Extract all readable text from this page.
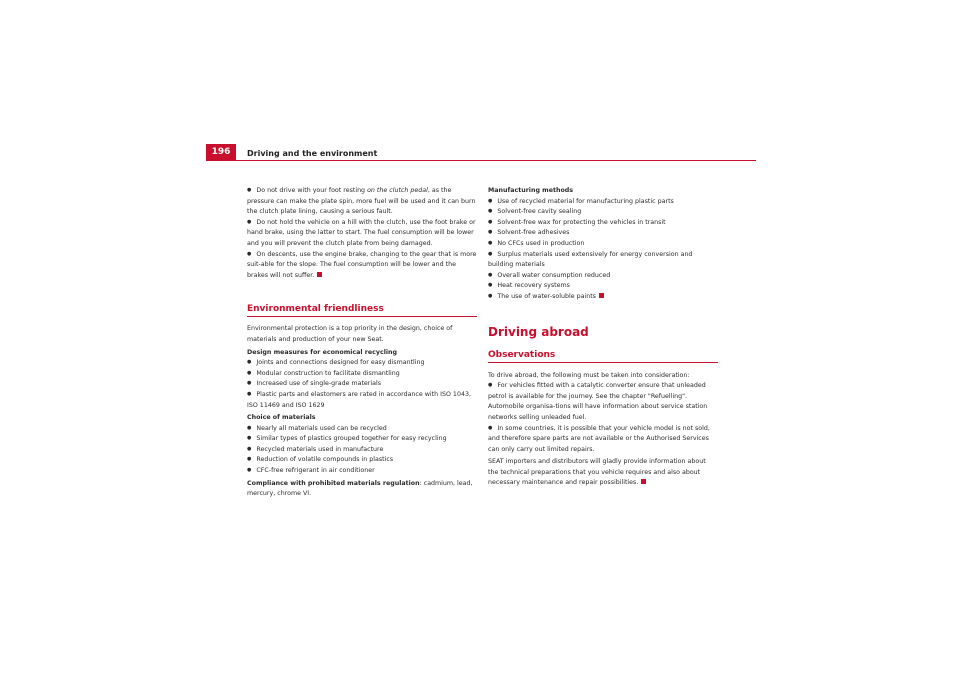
196	Driving and the environment

● Do not drive with your foot resting on the clutch pedal, as the pressure can make the plate spin, more fuel will be used and it can burn the clutch plate lining, causing a serious fault.

● Do not hold the vehicle on a hill with the clutch, use the foot brake or hand brake, using the latter to start. The fuel consumption will be lower and you will prevent the clutch plate from being damaged.

● On descents, use the engine brake, changing to the gear that is more suit-able for the slope. The fuel consumption will be lower and the brakes will not suffer.

Environmental friendliness

Environmental protection is a top priority in the design, choice of materials and production of your new Seat.

Design measures for economical recycling

● Joints and connections designed for easy dismantling

● Modular construction to facilitate dismantling

● Increased use of single-grade materials

● Plastic parts and elastomers are rated in accordance with ISO 1043, ISO 11469 and ISO 1629

Choice of materials

● Nearly all materials used can be recycled

● Similar types of plastics grouped together for easy recycling

● Recycled materials used in manufacture

● Reduction of volatile compounds in plastics

● CFC-free refrigerant in air conditioner

Compliance with prohibited materials regulation: cadmium, lead, mercury, chrome VI.

Manufacturing methods

● Use of recycled material for manufacturing plastic parts

● Solvent-free cavity sealing

● Solvent-free wax for protecting the vehicles in transit

● Solvent-free adhesives

● No CFCs used in production

● Surplus materials used extensively for energy conversion and building materials

● Overall water consumption reduced

● Heat recovery systems

● The use of water-soluble paints

Driving abroad
Observations

To drive abroad, the following must be taken into consideration:

● For vehicles fitted with a catalytic converter ensure that unleaded petrol is available for the journey. See the chapter "Refuelling". Automobile organisa-tions will have information about service station networks selling unleaded fuel.

● In some countries, it is possible that your vehicle model is not sold, and therefore spare parts are not available or the Authorised Services can only carry out limited repairs.

SEAT importers and distributors will gladly provide information about the technical preparations that you vehicle requires and also about necessary maintenance and repair possibilities.
